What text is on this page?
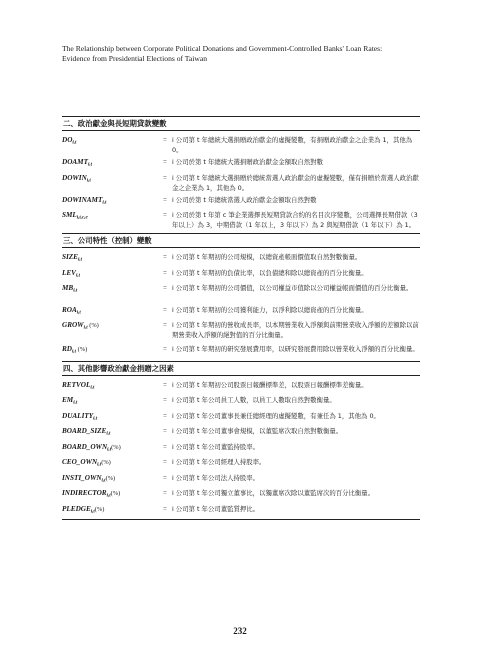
The Relationship between Corporate Political Donations and Government-Controlled Banks' Loan Rates:
Evidence from Presidential Elections of Taiwan
二、政治獻金與長短期貸款變數
$DO_{i,t}$	= i 公司第 t 年總統大選捐贈政治獻金的虛擬變數，有捐贈政治獻金之企業為 1，其他為 0。
$DOAMT_{i,t}$	= i 公司於第 t 年總統大選捐贈政治獻金金額取自然對數
$DOWIN_{i,t}$	= i 公司第 t 年總統大選捐贈於總統當選人政治獻金的虛擬變數，僅有捐贈於當選人政治獻金之企業為 1，其他為 0。
$DOWINAMT_{i,t}$	= i 公司於第 t 年總統當選人政治獻金金額取自然對數
$SML_{i,t,c,e}$	= i 公司於第 t 年第 c 筆企業選擇長短期貸款合約的名目次序變數，公司選擇長期借款（3 年以上）為 3，中期借款（1 年以上，3 年以下）為 2 與短期借款（1 年以下）為 1。
三、公司特性（控制）變數
$SIZE_{i,t}$	= i 公司第 t 年期初的公司規模，以總資產帳面價值取自然對數衡量。
$LEV_{i,t}$	= i 公司第 t 年期初的負債比率，以負債總和除以總資產的百分比衡量。
$MB_{i,t}$	= i 公司第 t 年期初的公司價值，以公司權益市值除以公司權益帳面價值的百分比衡量。
$ROA_{i,t}$	= i 公司第 t 年期初的公司獲利能力，以淨利除以總資產的百分比衡量。
$GROW_{i,t}$ (%)	= i 公司第 t 年期初的營收成長率，以本期營業收入淨額與前期營業收入淨額的差額除以前期營業收入淨額的絕對值的百分比衡量。
$RD_{i,t}$ (%)	= i 公司第 t 年期初的研究發展費用率，以研究發展費用除以營業收入淨額的百分比衡量。
四、其他影響政治獻金捐贈之因素
$RETVOL_{i,t}$	= i 公司第 t 年期初公司股票日報酬標準差，以股票日報酬標準差衡量。
$EM_{i,t}$	= i 公司第 t 年公司員工人數，以員工人數取自然對數衡量。
$DUALITY_{i,t}$	= i 公司第 t 年公司董事長兼任總經理的虛擬變數，有兼任為 1，其他為 0。
$BOARD\_SIZE_{i,t}$	= i 公司第 t 年公司董事會規模，以董監席次取自然對數衡量。
$BOARD\_OWN_{i,t}(\%)$	= i 公司第 t 年公司董監持股率。
$CEO\_OWN_{i,t}(\%)$	= i 公司第 t 年公司經理人持股率。
$INSTI\_OWN_{i,t}(\%)$	= i 公司第 t 年公司法人持股率。
$INDIRECTOR_{i,t}(\%)$	= i 公司第 t 年公司獨立董事比，以獨董席次除以董監席次的百分比衡量。
$PLEDGE_{i,t}(\%)$	= i 公司第 t 年公司董監質押比。
232
